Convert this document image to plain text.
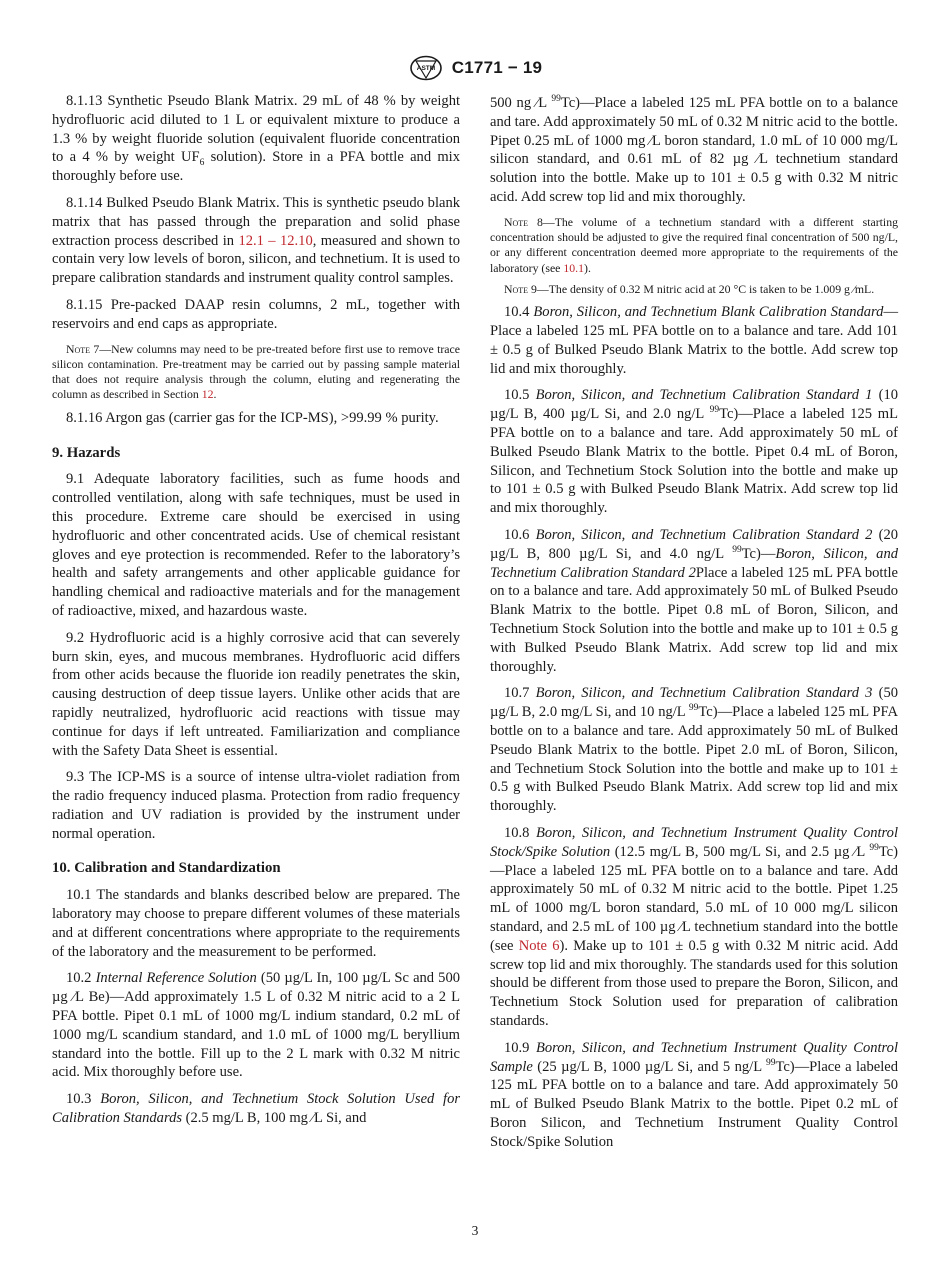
ASTM C1771 − 19

8.1.13 Synthetic Pseudo Blank Matrix. 29 mL of 48 % by weight hydrofluoric acid diluted to 1 L or equivalent mixture to produce a 1.3 % by weight fluoride solution (equivalent fluoride concentration to a 4 % by weight $UF_6$ solution). Store in a PFA bottle and mix thoroughly before use.

8.1.14 Bulked Pseudo Blank Matrix. This is synthetic pseudo blank matrix that has passed through the preparation and solid phase extraction process described in 12.1 – 12.10, measured and shown to contain very low levels of boron, silicon, and technetium. It is used to prepare calibration standards and instrument quality control samples.

8.1.15 Pre-packed DAAP resin columns, 2 mL, together with reservoirs and end caps as appropriate.

Note 7—New columns may need to be pre-treated before first use to remove trace silicon contamination. Pre-treatment may be carried out by passing sample material that does not require analysis through the column, eluting and regenerating the column as described in Section 12.

8.1.16 Argon gas (carrier gas for the ICP-MS), >99.99 % purity.

9. Hazards

9.1 Adequate laboratory facilities, such as fume hoods and controlled ventilation, along with safe techniques, must be used in this procedure. Extreme care should be exercised in using hydrofluoric and other concentrated acids. Use of chemical resistant gloves and eye protection is recommended. Refer to the laboratory’s health and safety arrangements and other applicable guidance for handling chemical and radioactive materials and for the management of radioactive, mixed, and hazardous waste.

9.2 Hydrofluoric acid is a highly corrosive acid that can severely burn skin, eyes, and mucous membranes. Hydrofluoric acid differs from other acids because the fluoride ion readily penetrates the skin, causing destruction of deep tissue layers. Unlike other acids that are rapidly neutralized, hydrofluoric acid reactions with tissue may continue for days if left untreated. Familiarization and compliance with the Safety Data Sheet is essential.

9.3 The ICP-MS is a source of intense ultra-violet radiation from the radio frequency induced plasma. Protection from radio frequency radiation and UV radiation is provided by the instrument under normal operation.

10. Calibration and Standardization

10.1 The standards and blanks described below are prepared. The laboratory may choose to prepare different volumes of these materials and at different concentrations where appropriate to the requirements of the laboratory and the measurement to be performed.

10.2 Internal Reference Solution (50 µg/L In, 100 µg/L Sc and 500 µg ⁄L Be)—Add approximately 1.5 L of 0.32 M nitric acid to a 2 L PFA bottle. Pipet 0.1 mL of 1000 mg/L indium standard, 0.2 mL of 1000 mg/L scandium standard, and 1.0 mL of 1000 mg/L beryllium standard into the bottle. Fill up to the 2 L mark with 0.32 M nitric acid. Mix thoroughly before use.

10.3 Boron, Silicon, and Technetium Stock Solution Used for Calibration Standards (2.5 mg/L B, 100 mg ⁄L Si, and

500 ng ⁄L $^{99}$Tc)—Place a labeled 125 mL PFA bottle on to a balance and tare. Add approximately 50 mL of 0.32 M nitric acid to the bottle. Pipet 0.25 mL of 1000 mg ⁄L boron standard, 1.0 mL of 10 000 mg/L silicon standard, and 0.61 mL of 82 µg ⁄L technetium standard solution into the bottle. Make up to 101 ± 0.5 g with 0.32 M nitric acid. Add screw top lid and mix thoroughly.

Note 8—The volume of a technetium standard with a different starting concentration should be adjusted to give the required final concentration of 500 ng/L, or any different concentration deemed more appropriate to the requirements of the laboratory (see 10.1).
Note 9—The density of 0.32 M nitric acid at 20 °C is taken to be 1.009 g ⁄mL.

10.4 Boron, Silicon, and Technetium Blank Calibration Standard—Place a labeled 125 mL PFA bottle on to a balance and tare. Add 101 ± 0.5 g of Bulked Pseudo Blank Matrix to the bottle. Add screw top lid and mix thoroughly.

10.5 Boron, Silicon, and Technetium Calibration Standard 1 (10 µg/L B, 400 µg/L Si, and 2.0 ng/L $^{99}$Tc)—Place a labeled 125 mL PFA bottle on to a balance and tare. Add approximately 50 mL of Bulked Pseudo Blank Matrix to the bottle. Pipet 0.4 mL of Boron, Silicon, and Technetium Stock Solution into the bottle and make up to 101 ± 0.5 g with Bulked Pseudo Blank Matrix. Add screw top lid and mix thoroughly.

10.6 Boron, Silicon, and Technetium Calibration Standard 2 (20 µg/L B, 800 µg/L Si, and 4.0 ng/L $^{99}$Tc)—Boron, Silicon, and Technetium Calibration Standard 2Place a labeled 125 mL PFA bottle on to a balance and tare. Add approximately 50 mL of Bulked Pseudo Blank Matrix to the bottle. Pipet 0.8 mL of Boron, Silicon, and Technetium Stock Solution into the bottle and make up to 101 ± 0.5 g with Bulked Pseudo Blank Matrix. Add screw top lid and mix thoroughly.

10.7 Boron, Silicon, and Technetium Calibration Standard 3 (50 µg/L B, 2.0 mg/L Si, and 10 ng/L $^{99}$Tc)—Place a labeled 125 mL PFA bottle on to a balance and tare. Add approximately 50 mL of Bulked Pseudo Blank Matrix to the bottle. Pipet 2.0 mL of Boron, Silicon, and Technetium Stock Solution into the bottle and make up to 101 ± 0.5 g with Bulked Pseudo Blank Matrix. Add screw top lid and mix thoroughly.

10.8 Boron, Silicon, and Technetium Instrument Quality Control Stock/Spike Solution (12.5 mg/L B, 500 mg/L Si, and 2.5 µg ⁄L $^{99}$Tc)—Place a labeled 125 mL PFA bottle on to a balance and tare. Add approximately 50 mL of 0.32 M nitric acid to the bottle. Pipet 1.25 mL of 1000 mg/L boron standard, 5.0 mL of 10 000 mg/L silicon standard, and 2.5 mL of 100 µg ⁄L technetium standard into the bottle (see Note 6). Make up to 101 ± 0.5 g with 0.32 M nitric acid. Add screw top lid and mix thoroughly. The standards used for this solution should be different from those used to prepare the Boron, Silicon, and Technetium Stock Solution used for preparation of calibration standards.

10.9 Boron, Silicon, and Technetium Instrument Quality Control Sample (25 µg/L B, 1000 µg/L Si, and 5 ng/L $^{99}$Tc)—Place a labeled 125 mL PFA bottle on to a balance and tare. Add approximately 50 mL of Bulked Pseudo Blank Matrix to the bottle. Pipet 0.2 mL of Boron Silicon, and Technetium Instrument Quality Control Stock/Spike Solution

3
